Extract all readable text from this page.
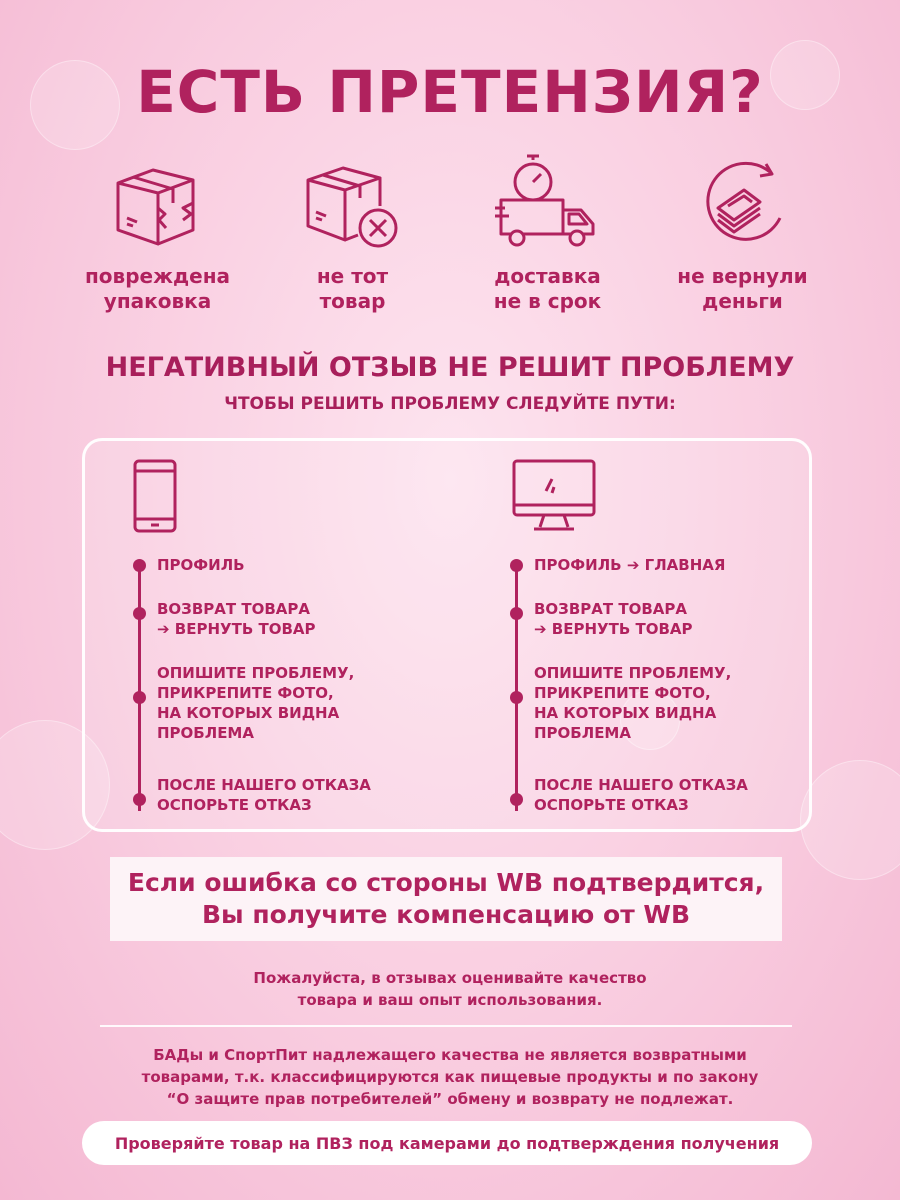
ЕСТЬ ПРЕТЕНЗИЯ?
повреждена
упаковка
не тот
товар
доставка
не в срок
не вернули
деньги
НЕГАТИВНЫЙ ОТЗЫВ НЕ РЕШИТ ПРОБЛЕМУ
ЧТОБЫ РЕШИТЬ ПРОБЛЕМУ СЛЕДУЙТЕ ПУТИ:
ПРОФИЛЬ
ВОЗВРАТ ТОВАРА
➔ ВЕРНУТЬ ТОВАР
ОПИШИТЕ ПРОБЛЕМУ,
ПРИКРЕПИТЕ ФОТО,
НА КОТОРЫХ ВИДНА
ПРОБЛЕМА
ПОСЛЕ НАШЕГО ОТКАЗА
ОСПОРЬТЕ ОТКАЗ
ПРОФИЛЬ ➔ ГЛАВНАЯ
ВОЗВРАТ ТОВАРА
➔ ВЕРНУТЬ ТОВАР
ОПИШИТЕ ПРОБЛЕМУ,
ПРИКРЕПИТЕ ФОТО,
НА КОТОРЫХ ВИДНА
ПРОБЛЕМА
ПОСЛЕ НАШЕГО ОТКАЗА
ОСПОРЬТЕ ОТКАЗ
Если ошибка со стороны WB подтвердится,
Вы получите компенсацию от WB
Пожалуйста, в отзывах оценивайте качество
товара и ваш опыт использования.
БАДы и СпортПит надлежащего качества не является возвратными
товарами, т.к. классифицируются как пищевые продукты и по закону
“О защите прав потребителей” обмену и возврату не подлежат.
Проверяйте товар на ПВЗ под камерами до подтверждения получения
